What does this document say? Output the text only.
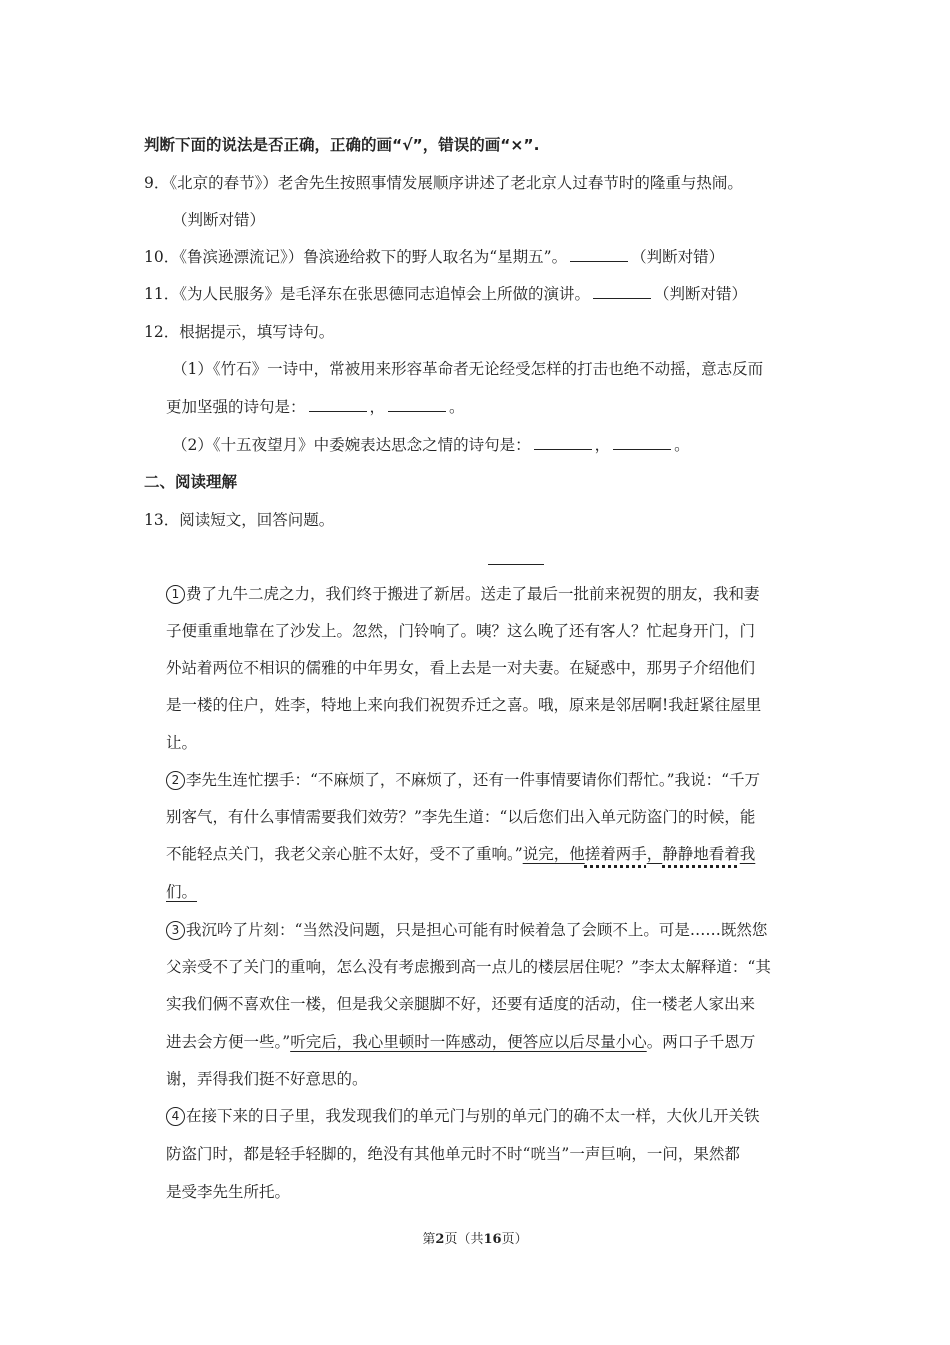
判断下面的说法是否正确，正确的画“√”，错误的画“×”.
9．《北京的春节》）老舍先生按照事情发展顺序讲述了老北京人过春节时的隆重与热闹。
（判断对错）
10．《鲁滨逊漂流记》）鲁滨逊给救下的野人取名为“星期五”。	（判断对错）
11．《为人民服务》是毛泽东在张思德同志追悼会上所做的演讲。	（判断对错）
12．根据提示，填写诗句。
（1）《竹石》一诗中，常被用来形容革命者无论经受怎样的打击也绝不动摇，意志反而
更加坚强的诗句是：	，	。
（2）《十五夜望月》中委婉表达思念之情的诗句是：	，	。
二、阅读理解
13．阅读短文，回答问题。
1 费了九牛二虎之力，我们终于搬进了新居。送走了最后一批前来祝贺的朋友，我和妻
子便重重地靠在了沙发上。忽然，门铃响了。咦？这么晚了还有客人？忙起身开门，门
外站着两位不相识的儒雅的中年男女，看上去是一对夫妻。在疑惑中，那男子介绍他们
是一楼的住户，姓李，特地上来向我们祝贺乔迁之喜。哦，原来是邻居啊!我赶紧往屋里
让。
2 李先生连忙摆手：“不麻烦了，不麻烦了，还有一件事情要请你们帮忙。”我说：“千万
别客气，有什么事情需要我们效劳？”李先生道：“以后您们出入单元防盗门的时候，能
不能轻点关门，我老父亲心脏不太好，受不了重响。”说完，他搓着两手，静静地看着我
们。
3 我沉吟了片刻：“当然没问题，只是担心可能有时候着急了会顾不上。可是……既然您
父亲受不了关门的重响，怎么没有考虑搬到高一点儿的楼层居住呢？”李太太解释道：“其
实我们俩不喜欢住一楼，但是我父亲腿脚不好，还要有适度的活动，住一楼老人家出来
进去会方便一些。”听完后，我心里顿时一阵感动，便答应以后尽量小心。两口子千恩万
谢，弄得我们挺不好意思的。
4 在接下来的日子里，我发现我们的单元门与别的单元门的确不太一样，大伙儿开关铁
防盗门时，都是轻手轻脚的，绝没有其他单元时不时“咣当”一声巨响，一问，果然都
是受李先生所托。
第2页（共16页）
